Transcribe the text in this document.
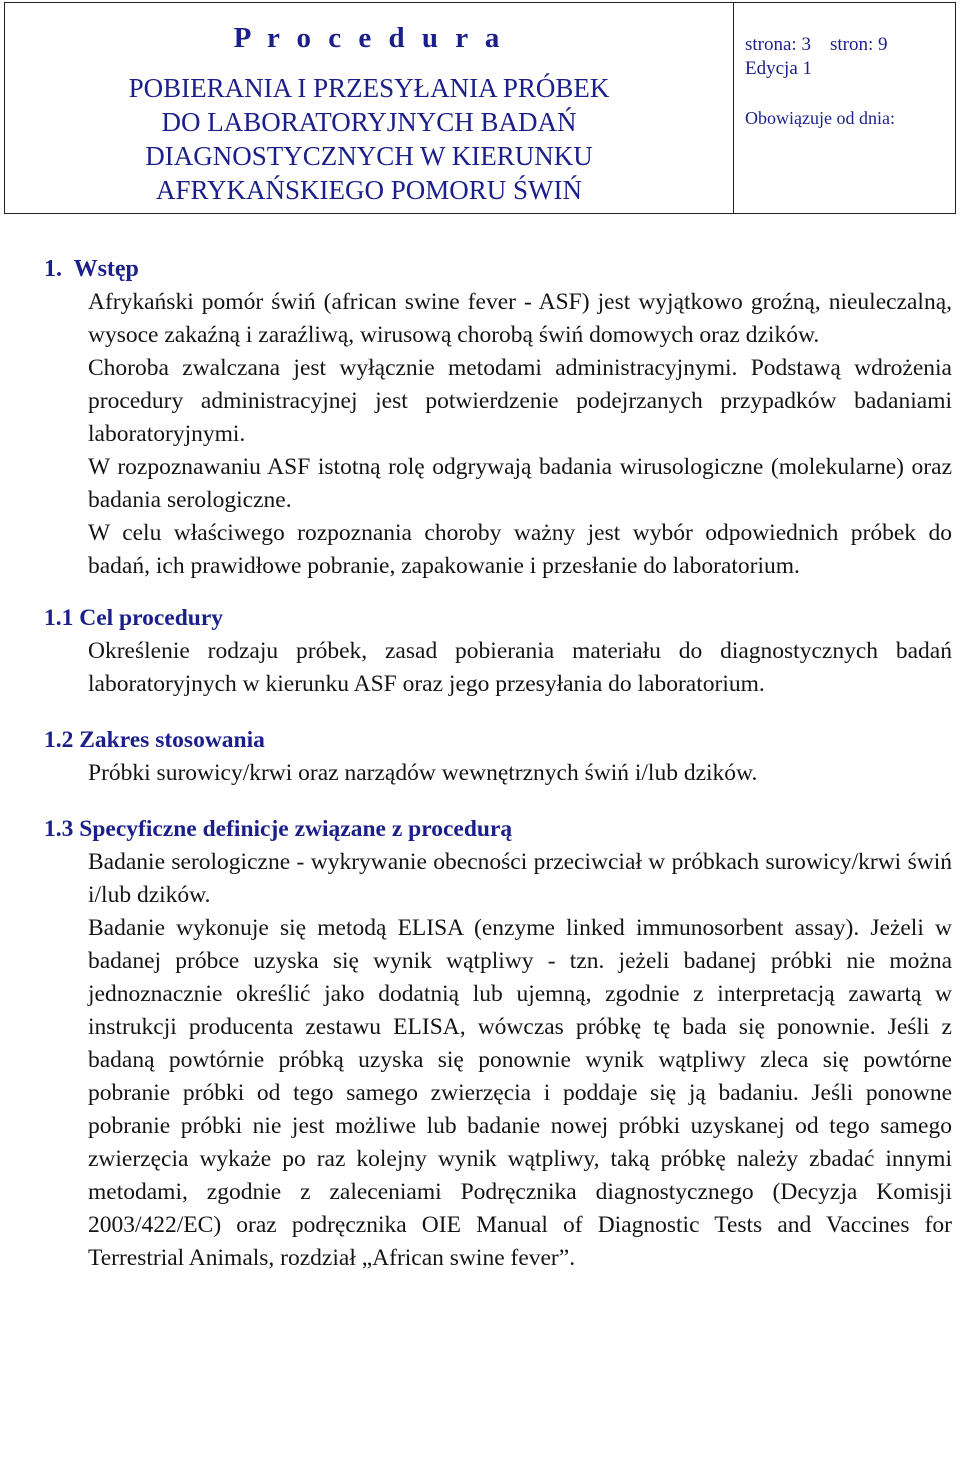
P r o c e d u r a
POBIERANIA I PRZESYŁANIA PRÓBEK
DO LABORATORYJNYCH BADAŃ
DIAGNOSTYCZNYCH W KIERUNKU
AFRYKAŃSKIEGO POMORU ŚWIŃ
strona: 3    stron: 9
Edycja 1
Obowiązuje od dnia:
1.  Wstęp

Afrykański pomór świń (african swine fever - ASF) jest wyjątkowo groźną, nieuleczalną, wysoce zakaźną i zaraźliwą, wirusową chorobą świń domowych oraz dzików.

Choroba zwalczana jest wyłącznie metodami administracyjnymi. Podstawą wdrożenia procedury administracyjnej jest potwierdzenie podejrzanych przypadków badaniami laboratoryjnymi.

W rozpoznawaniu ASF istotną rolę odgrywają badania wirusologiczne (molekularne) oraz badania serologiczne.

W celu właściwego rozpoznania choroby ważny jest wybór odpowiednich próbek do badań, ich prawidłowe pobranie, zapakowanie i przesłanie do laboratorium.

1.1 Cel procedury

Określenie rodzaju próbek, zasad pobierania materiału do diagnostycznych badań laboratoryjnych w kierunku ASF oraz jego przesyłania do laboratorium.

1.2 Zakres stosowania

Próbki surowicy/krwi oraz narządów wewnętrznych świń i/lub dzików.

1.3 Specyficzne definicje związane z procedurą

Badanie serologiczne - wykrywanie obecności przeciwciał w próbkach surowicy/krwi świń i/lub dzików.

Badanie wykonuje się metodą ELISA (enzyme linked immunosorbent assay). Jeżeli w badanej próbce uzyska się wynik wątpliwy - tzn. jeżeli badanej próbki nie można jednoznacznie określić jako dodatnią lub ujemną, zgodnie z interpretacją zawartą w instrukcji producenta zestawu ELISA, wówczas próbkę tę bada się ponownie. Jeśli z badaną powtórnie próbką uzyska się ponownie wynik wątpliwy zleca się powtórne pobranie próbki od tego samego zwierzęcia i poddaje się ją badaniu. Jeśli ponowne pobranie próbki nie jest możliwe lub badanie nowej próbki uzyskanej od tego samego zwierzęcia wykaże po raz kolejny wynik wątpliwy, taką próbkę należy zbadać innymi metodami, zgodnie z zaleceniami Podręcznika diagnostycznego (Decyzja Komisji 2003/422/EC) oraz podręcznika OIE Manual of Diagnostic Tests and Vaccines for Terrestrial Animals, rozdział „African swine fever”.
